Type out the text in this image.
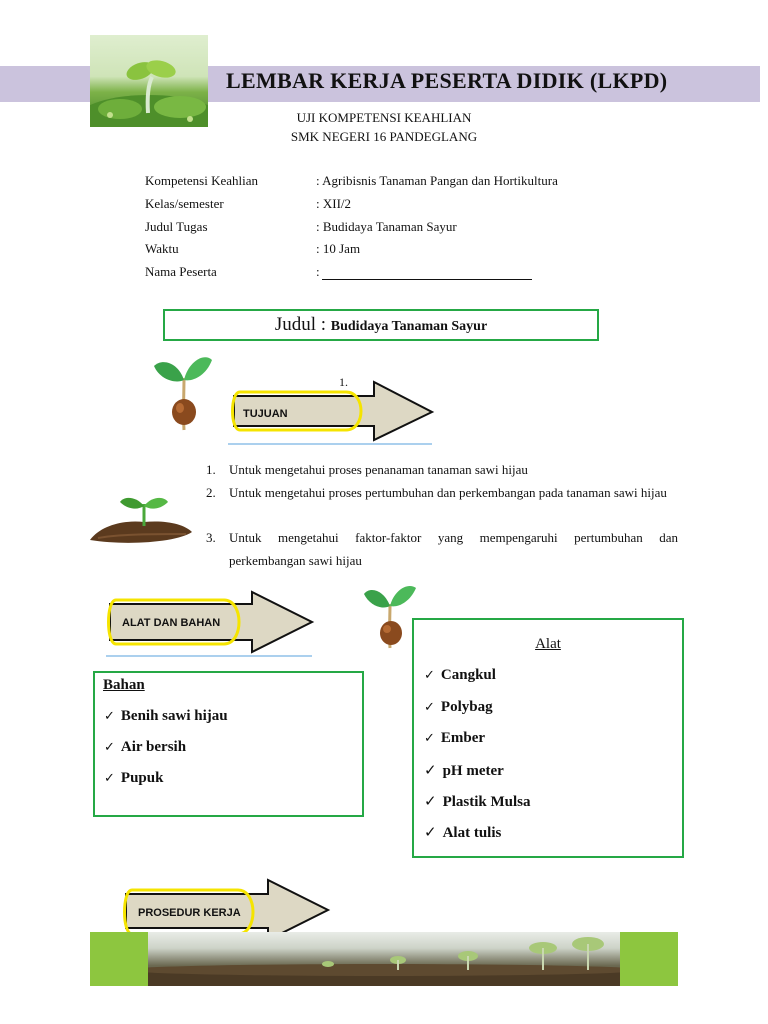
LEMBAR KERJA PESERTA DIDIK (LKPD)
UJI KOMPETENSI KEAHLIAN
SMK NEGERI 16 PANDEGLANG
Kompetensi Keahlian	: Agribisnis Tanaman Pangan dan Hortikultura
Kelas/semester	: XII/2
Judul Tugas	: Budidaya Tanaman Sayur
Waktu	: 10 Jam
Nama Peserta	:
Judul : Budidaya Tanaman Sayur
1.
TUJUAN
1. Untuk mengetahui proses penanaman tanaman sawi hijau
2. Untuk mengetahui proses pertumbuhan dan perkembangan pada tanaman sawi hijau
3. Untuk mengetahui faktor-faktor yang mempengaruhi pertumbuhan dan perkembangan sawi hijau
ALAT DAN BAHAN
Bahan
✓ Benih sawi hijau
✓ Air bersih
✓ Pupuk
Alat
✓ Cangkul
✓ Polybag
✓ Ember
✓ pH meter
✓ Plastik Mulsa
✓ Alat tulis
PROSEDUR KERJA
